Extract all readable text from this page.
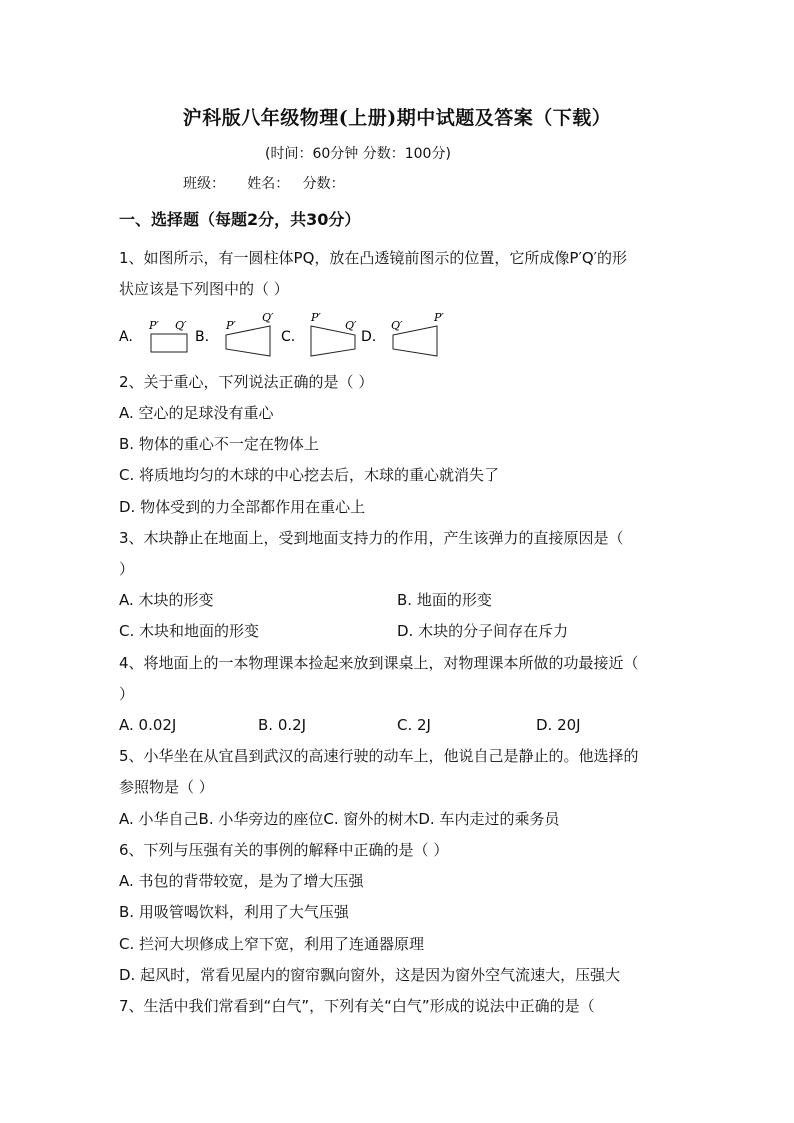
沪科版八年级物理(上册)期中试题及答案（下载）
(时间：60分钟 分数：100分)
班级：     姓名：   分数：
一、选择题（每题2分，共30分）
1、如图所示，有一圆柱体PQ，放在凸透镜前图示的位置，它所成像P′Q′的形
状应该是下列图中的（ ）
A.
P′ Q′
B.
P′
Q′
C.
P′
Q′
D.
Q′
P′
2、关于重心，下列说法正确的是（ ）
A. 空心的足球没有重心
B. 物体的重心不一定在物体上
C. 将质地均匀的木球的中心挖去后，木球的重心就消失了
D. 物体受到的力全部都作用在重心上
3、木块静止在地面上，受到地面支持力的作用，产生该弹力的直接原因是（
）
A. 木块的形变	B. 地面的形变
C. 木块和地面的形变	D. 木块的分子间存在斥力
4、将地面上的一本物理课本捡起来放到课桌上，对物理课本所做的功最接近（
）
A. 0.02J	B. 0.2J	C. 2J	D. 20J
5、小华坐在从宜昌到武汉的高速行驶的动车上，他说自己是静止的。他选择的
参照物是（ ）
A. 小华自己B. 小华旁边的座位C. 窗外的树木D. 车内走过的乘务员
6、下列与压强有关的事例的解释中正确的是（ ）
A. 书包的背带较宽，是为了增大压强
B. 用吸管喝饮料，利用了大气压强
C. 拦河大坝修成上窄下宽，利用了连通器原理
D. 起风时，常看见屋内的窗帘飘向窗外，这是因为窗外空气流速大，压强大
7、生活中我们常看到“白气”，下列有关“白气”形成的说法中正确的是（
